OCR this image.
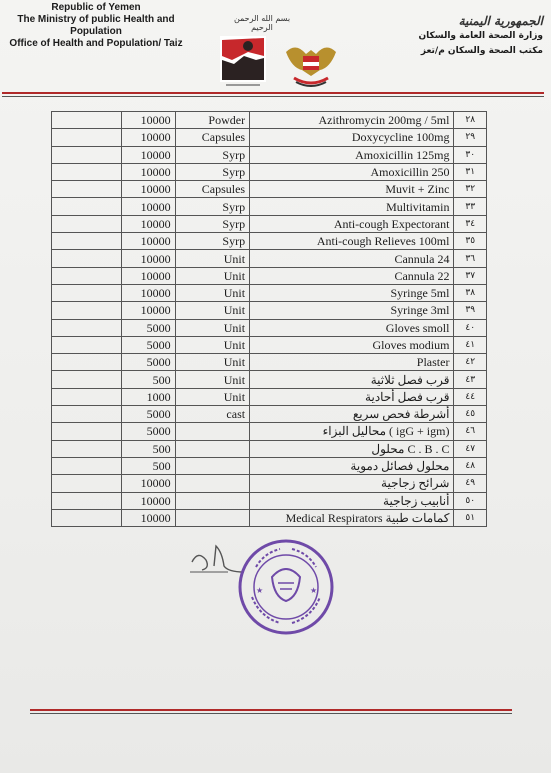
Republic of Yemen
The Ministry of public Health and
Population
Office of Health and Population/ Taiz
بسم الله الرحمن الرحيم	الجمهورية اليمنية
وزارة الصحة العامة والسكان
مكتب الصحة والسكان م/تعز
	10000	Powder	Azithromycin 200mg / 5ml	٢٨
	10000	Capsules	Doxycycline 100mg	٢٩
	10000	Syrp	Amoxicillin 125mg	٣٠
	10000	Syrp	Amoxicillin 250	٣١
	10000	Capsules	Muvit + Zinc	٣٢
	10000	Syrp	Multivitamin	٣٣
	10000	Syrp	Anti-cough Expectorant	٣٤
	10000	Syrp	Anti-cough Relieves 100ml	٣٥
	10000	Unit	Cannula 24	٣٦
	10000	Unit	Cannula 22	٣٧
	10000	Unit	Syringe 5ml	٣٨
	10000	Unit	Syringe 3ml	٣٩
	5000	Unit	Gloves smoll	٤٠
	5000	Unit	Gloves modium	٤١
	5000	Unit	Plaster	٤٢
	500	Unit	قرب فصل ثلاثية	٤٣
	1000	Unit	قرب فصل أحادية	٤٤
	5000	cast	أشرطة فحص سريع	٤٥
	5000		محاليل البزاء ( igG + igm)	٤٦
	500		محلول C . B . C	٤٧
	500		محلول فصائل دموية	٤٨
	10000		شرائح زجاجية	٤٩
	10000		أنابيب زجاجية	٥٠
	10000		Medical Respirators كمامات طبية	٥١
★	★
